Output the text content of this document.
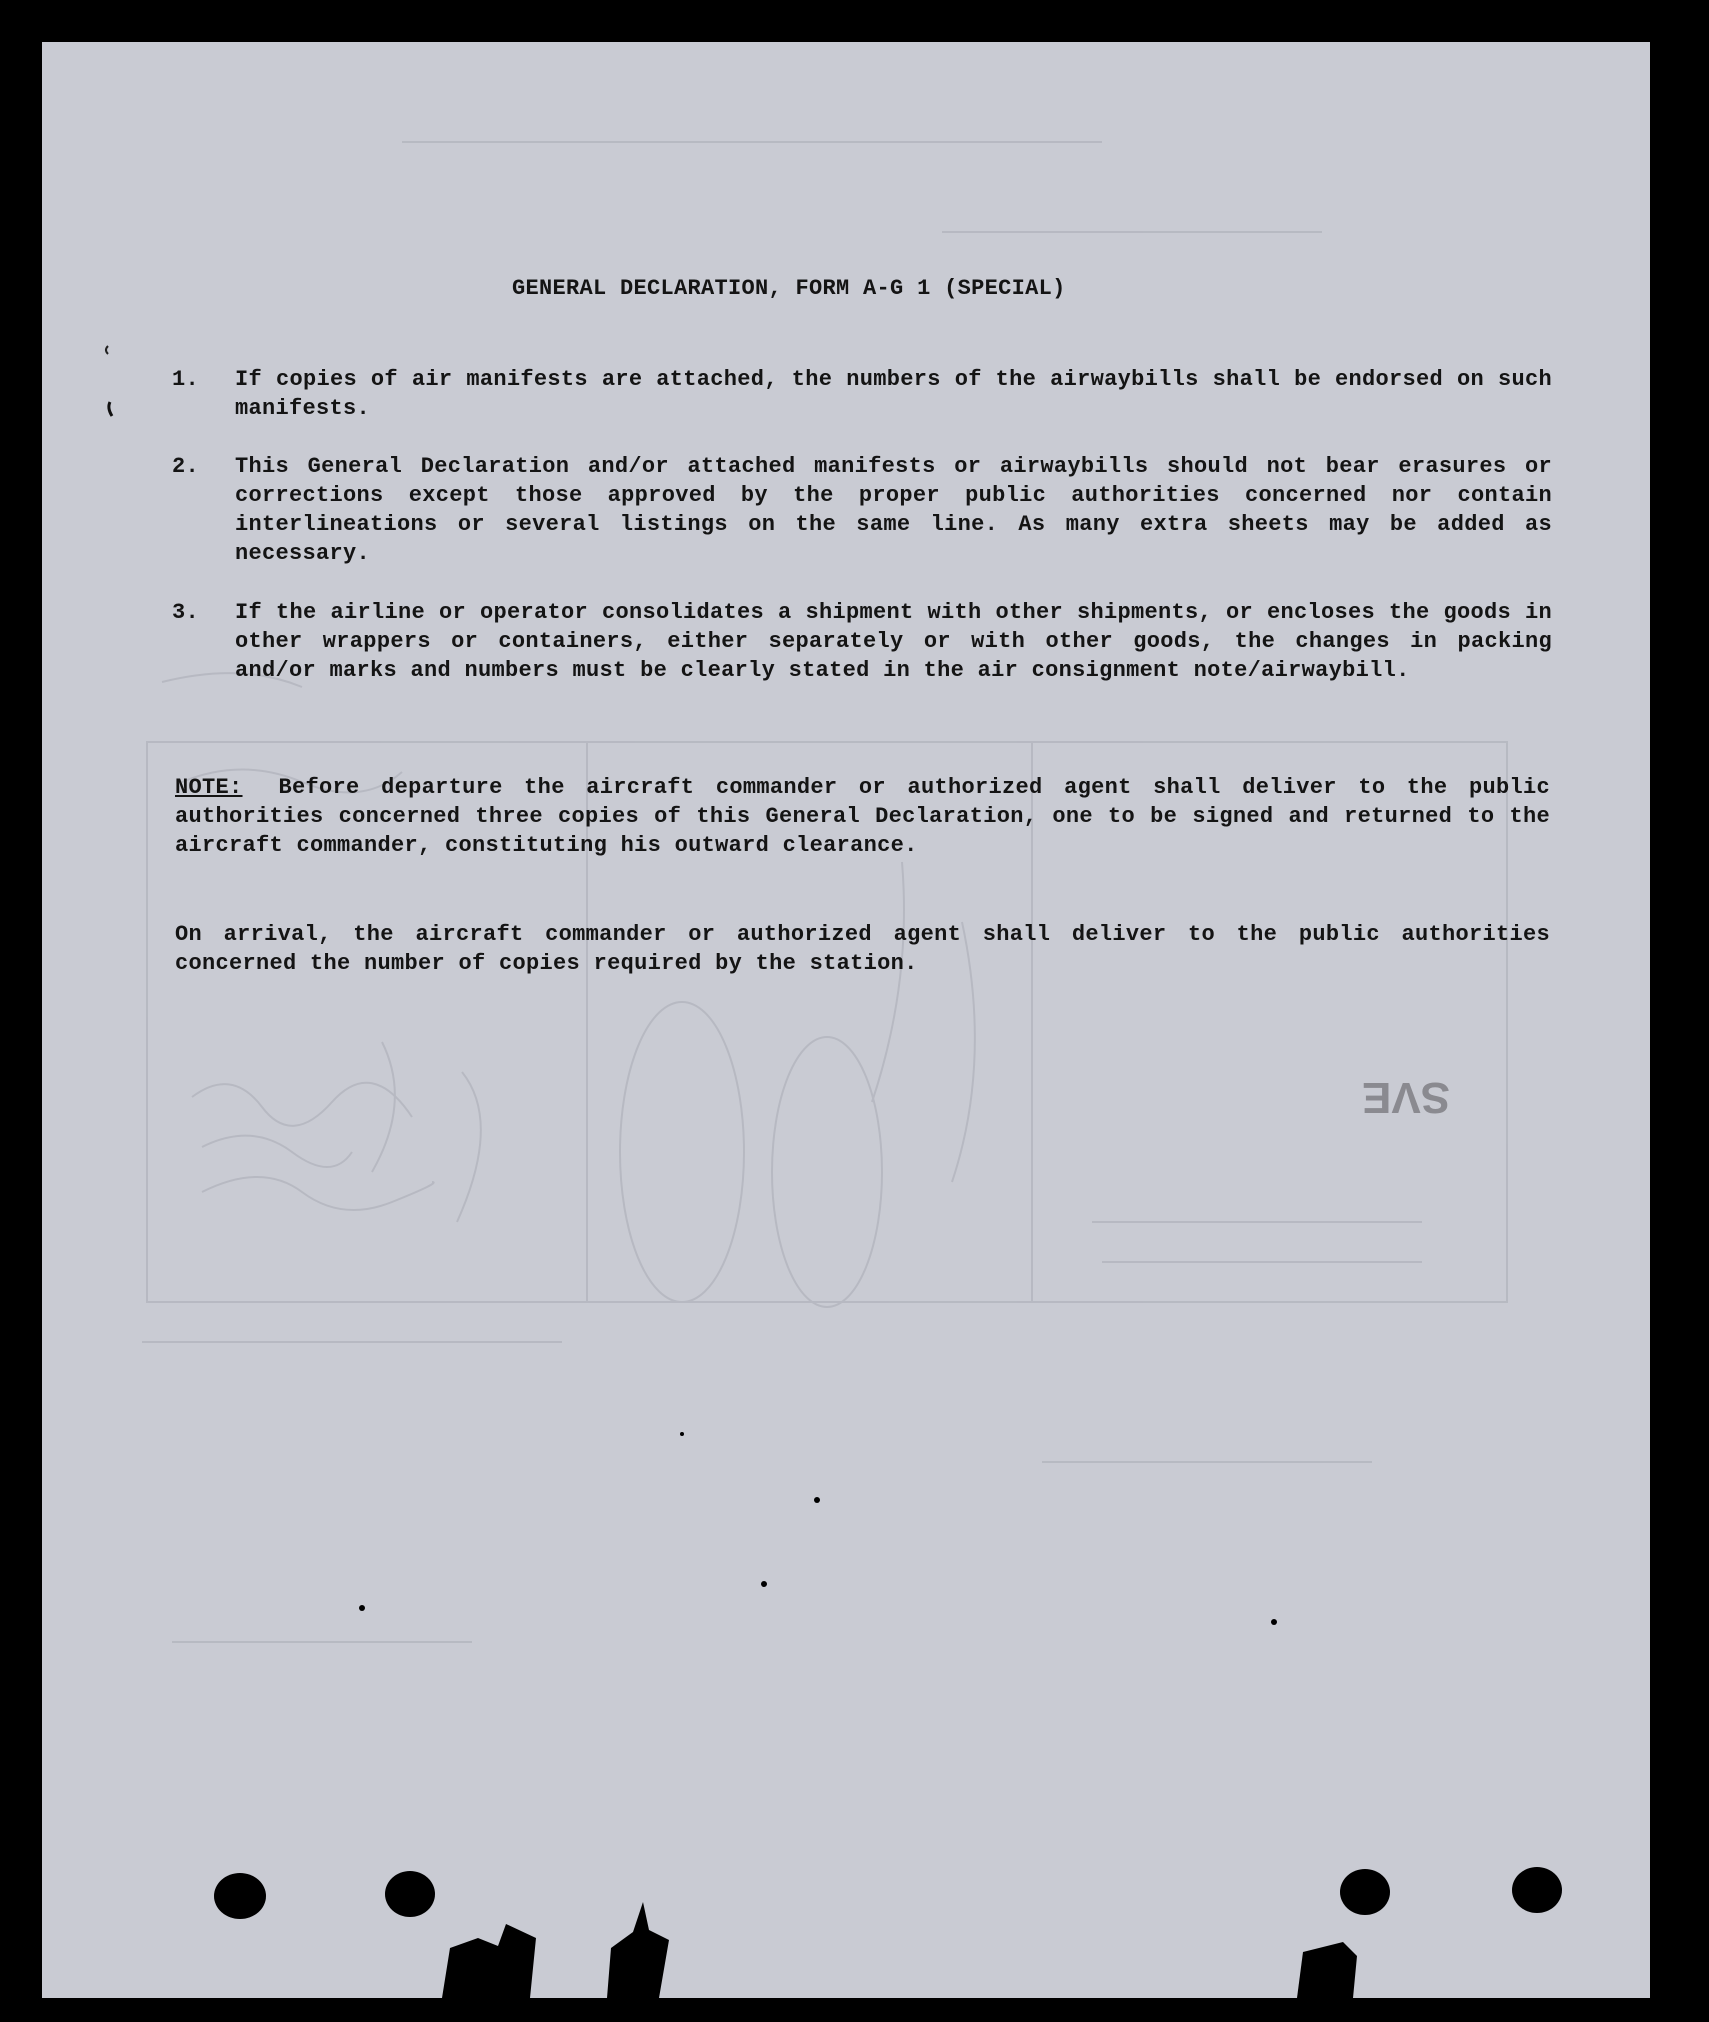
GENERAL DECLARATION, FORM A-G 1 (SPECIAL)
1. If copies of air manifests are attached, the numbers of the airwaybills shall be endorsed on such manifests.
2. This General Declaration and/or attached manifests or airwaybills should not bear erasures or corrections except those approved by the proper public authorities concerned nor contain interlineations or several listings on the same line. As many extra sheets may be added as necessary.
3. If the airline or operator consolidates a shipment with other shipments, or encloses the goods in other wrappers or containers, either separately or with other goods, the changes in packing and/or marks and numbers must be clearly stated in the air consignment note/airwaybill.
NOTE: Before departure the aircraft commander or authorized agent shall deliver to the public authorities concerned three copies of this General Declaration, one to be signed and returned to the aircraft commander, constituting his outward clearance.
On arrival, the aircraft commander or authorized agent shall deliver to the public authorities concerned the number of copies required by the station.
SVE
